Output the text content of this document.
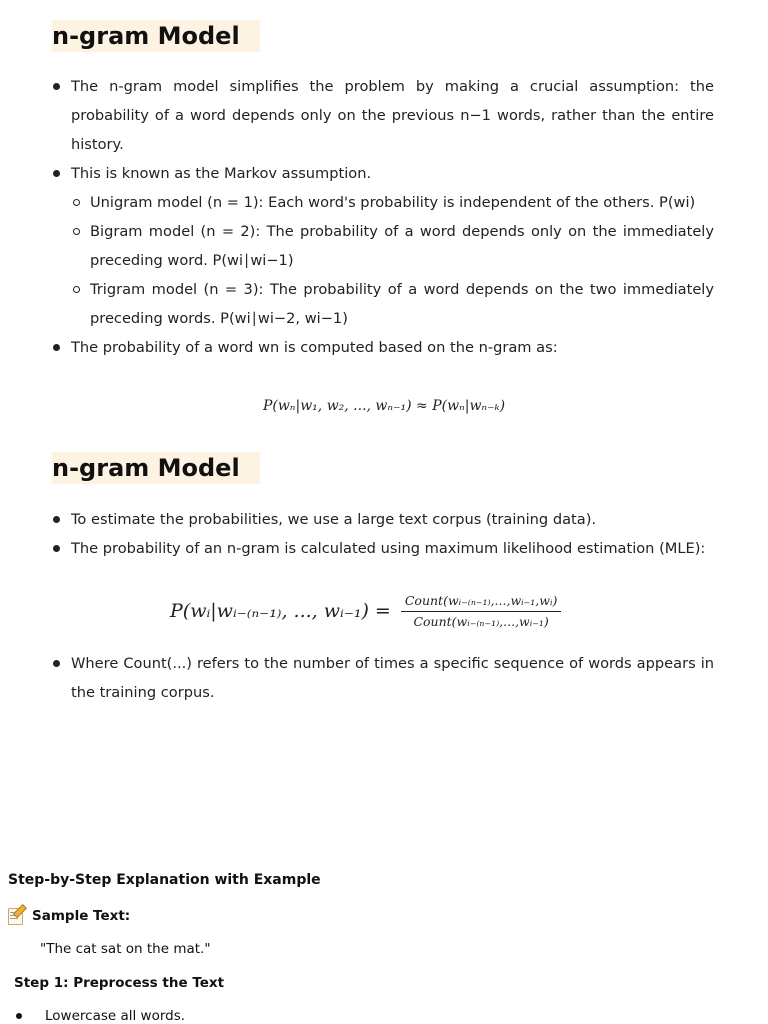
n-gram Model
The n-gram model simplifies the problem by making a crucial assumption: the probability of a word depends only on the previous n−1 words, rather than the entire history.
This is known as the Markov assumption.
Unigram model (n = 1): Each word's probability is independent of the others. P(wi)
Bigram model (n = 2): The probability of a word depends only on the immediately preceding word. P(wi∣wi−1)
Trigram model (n = 3): The probability of a word depends on the two immediately preceding words. P(wi∣wi−2, wi−1)
The probability of a word wn is computed based on the n-gram as:
P(wₙ|w₁, w₂, ..., wₙ₋₁) ≈ P(wₙ|wₙ₋ₖ)
n-gram Model
To estimate the probabilities, we use a large text corpus (training data).
The probability of an n-gram is calculated using maximum likelihood estimation (MLE):
P(wᵢ|wᵢ₋₍ₙ₋₁₎, ..., wᵢ₋₁) = $\frac{\text{Count(wᵢ₋₍ₙ₋₁₎,...,wᵢ₋₁,wᵢ)}}{\text{Count(wᵢ₋₍ₙ₋₁₎,...,wᵢ₋₁)}}$
Where Count(...) refers to the number of times a specific sequence of words appears in the training corpus.
Step-by-Step Explanation with Example
Sample Text:
"The cat sat on the mat."
Step 1: Preprocess the Text
Lowercase all words.
